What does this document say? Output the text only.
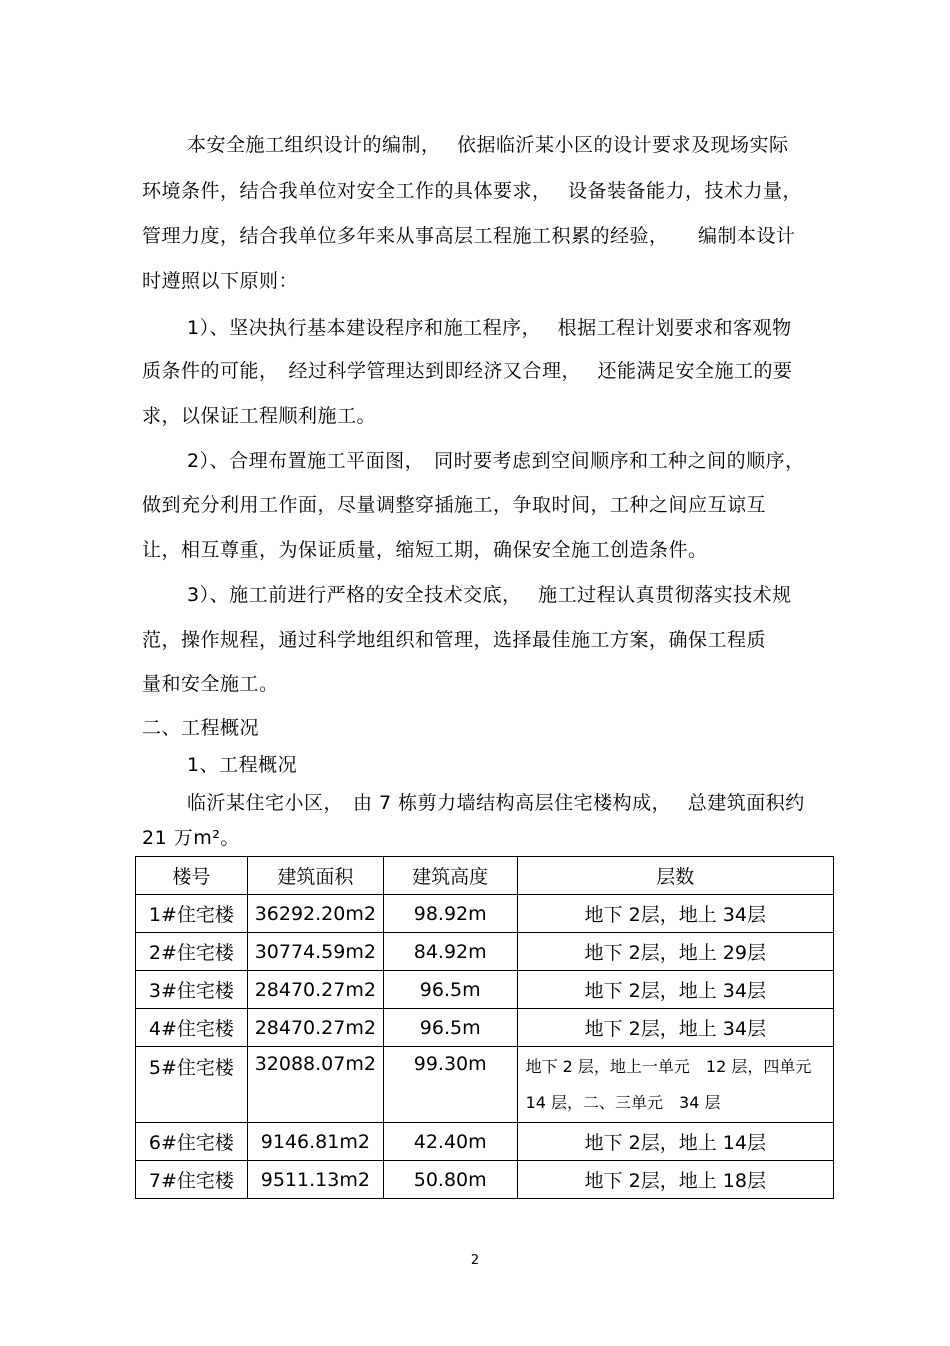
本安全施工组织设计的编制，　 依据临沂某小区的设计要求及现场实际
环境条件，结合我单位对安全工作的具体要求，　 设备装备能力，技术力量，
管理力度，结合我单位多年来从事高层工程施工积累的经验，　　编制本设计
时遵照以下原则：
1）、坚决执行基本建设程序和施工程序，　 根据工程计划要求和客观物
质条件的可能，　经过科学管理达到即经济又合理，　 还能满足安全施工的要
求，以保证工程顺利施工。
2）、合理布置施工平面图，　同时要考虑到空间顺序和工种之间的顺序，
做到充分利用工作面，尽量调整穿插施工，争取时间，工种之间应互谅互
让，相互尊重，为保证质量，缩短工期，确保安全施工创造条件。
3）、施工前进行严格的安全技术交底，　 施工过程认真贯彻落实技术规
范，操作规程，通过科学地组织和管理，选择最佳施工方案，确保工程质
量和安全施工。
二、工程概况
1、工程概况
临沂某住宅小区，　由 7 栋剪力墙结构高层住宅楼构成，　 总建筑面积约
21 万m²。
楼号	建筑面积	建筑高度	层数
1#住宅楼	36292.20m2	98.92m	地下 2层，地上 34层
2#住宅楼	30774.59m2	84.92m	地下 2层，地上 29层
3#住宅楼	28470.27m2	96.5m	地下 2层，地上 34层
4#住宅楼	28470.27m2	96.5m	地下 2层，地上 34层
5#住宅楼	32088.07m2	99.30m	地下 2 层，地上一单元　12 层，四单元 14 层，二、三单元　34 层
6#住宅楼	9146.81m2	42.40m	地下 2层，地上 14层
7#住宅楼	9511.13m2	50.80m	地下 2层，地上 18层
2
